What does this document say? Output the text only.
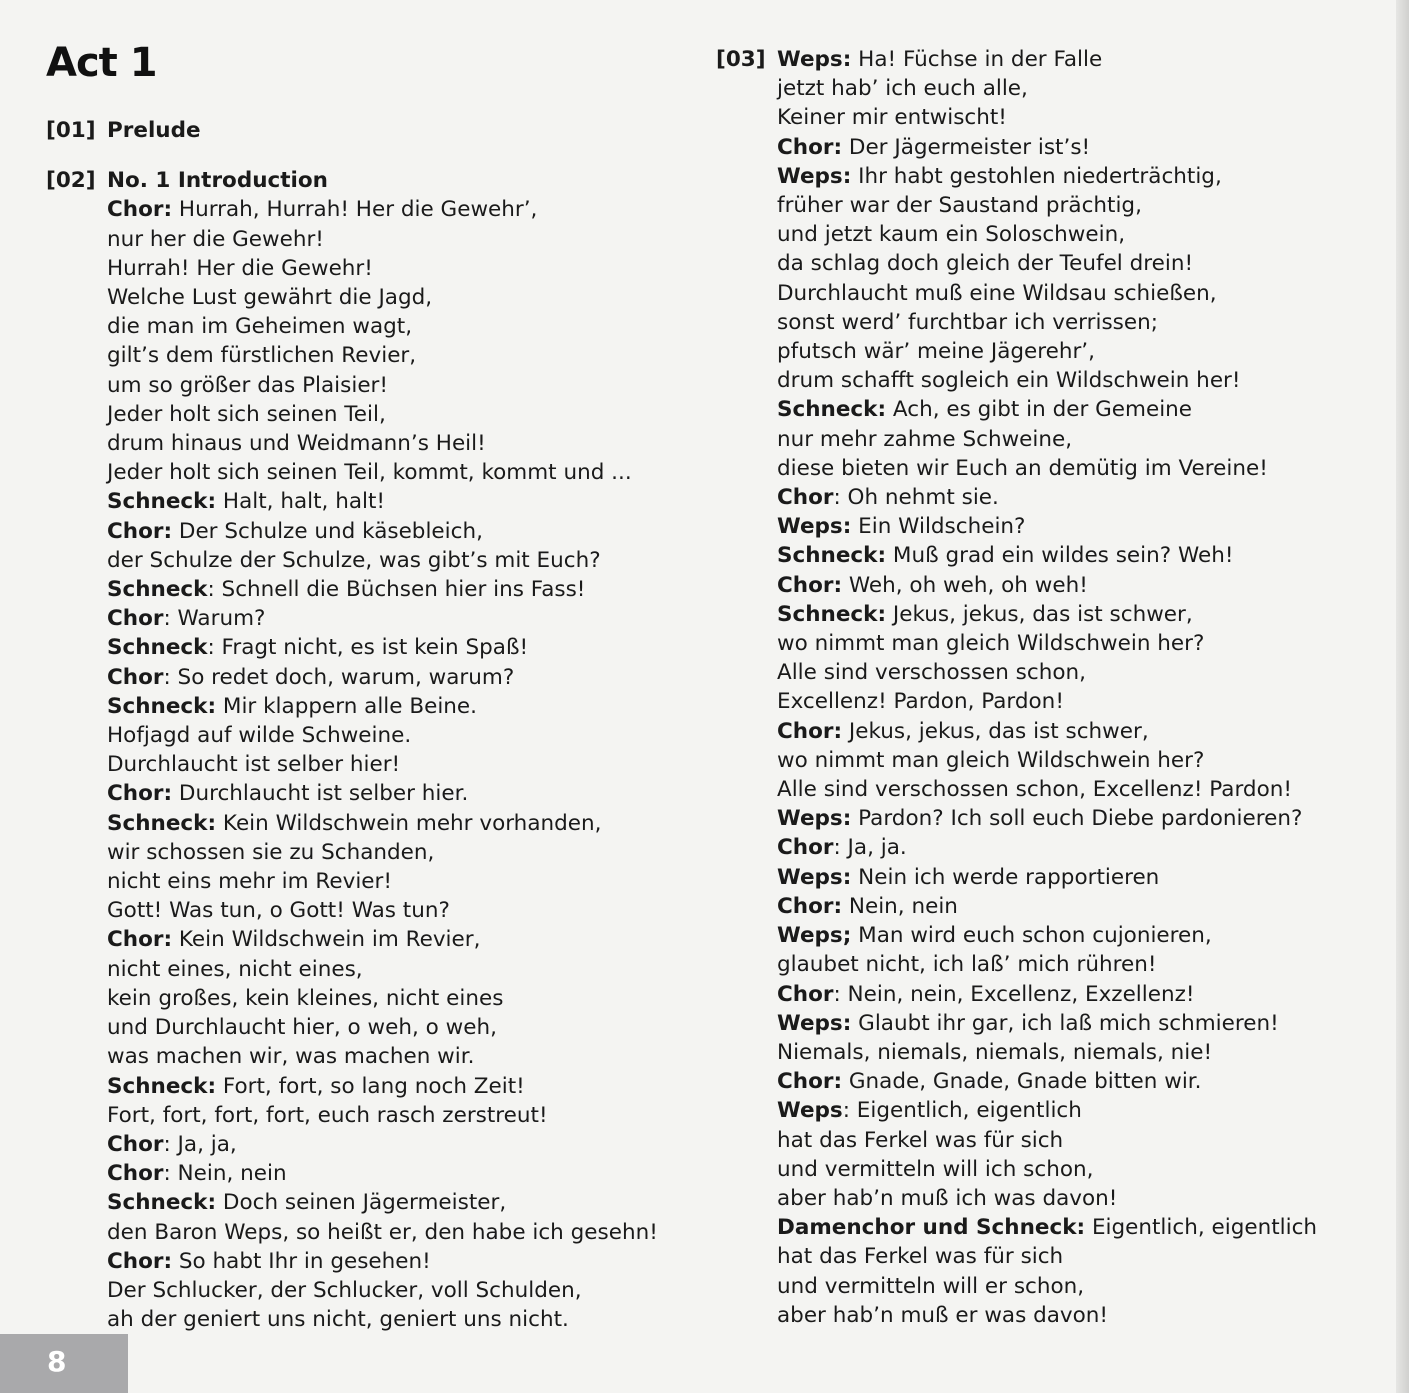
Act 1
[01] Prelude
[02] No. 1 Introduction
Chor: Hurrah, Hurrah! Her die Gewehr’,
nur her die Gewehr!
Hurrah! Her die Gewehr!
Welche Lust gewährt die Jagd,
die man im Geheimen wagt,
gilt’s dem fürstlichen Revier,
um so größer das Plaisier!
Jeder holt sich seinen Teil,
drum hinaus und Weidmann’s Heil!
Jeder holt sich seinen Teil, kommt, kommt und ...
Schneck: Halt, halt, halt!
Chor: Der Schulze und käsebleich,
der Schulze der Schulze, was gibt’s mit Euch?
Schneck: Schnell die Büchsen hier ins Fass!
Chor: Warum?
Schneck: Fragt nicht, es ist kein Spaß!
Chor: So redet doch, warum, warum?
Schneck: Mir klappern alle Beine.
Hofjagd auf wilde Schweine.
Durchlaucht ist selber hier!
Chor: Durchlaucht ist selber hier.
Schneck: Kein Wildschwein mehr vorhanden,
wir schossen sie zu Schanden,
nicht eins mehr im Revier!
Gott! Was tun, o Gott! Was tun?
Chor: Kein Wildschwein im Revier,
nicht eines, nicht eines,
kein großes, kein kleines, nicht eines
und Durchlaucht hier, o weh, o weh,
was machen wir, was machen wir.
Schneck: Fort, fort, so lang noch Zeit!
Fort, fort, fort, fort, euch rasch zerstreut!
Chor: Ja, ja,
Chor: Nein, nein
Schneck: Doch seinen Jägermeister,
den Baron Weps, so heißt er, den habe ich gesehn!
Chor: So habt Ihr in gesehen!
Der Schlucker, der Schlucker, voll Schulden,
ah der geniert uns nicht, geniert uns nicht.
[03] Weps: Ha! Füchse in der Falle
jetzt hab’ ich euch alle,
Keiner mir entwischt!
Chor: Der Jägermeister ist’s!
Weps: Ihr habt gestohlen niederträchtig,
früher war der Saustand prächtig,
und jetzt kaum ein Soloschwein,
da schlag doch gleich der Teufel drein!
Durchlaucht muß eine Wildsau schießen,
sonst werd’ furchtbar ich verrissen;
pfutsch wär’ meine Jägerehr’,
drum schafft sogleich ein Wildschwein her!
Schneck: Ach, es gibt in der Gemeine
nur mehr zahme Schweine,
diese bieten wir Euch an demütig im Vereine!
Chor: Oh nehmt sie.
Weps: Ein Wildschein?
Schneck: Muß grad ein wildes sein? Weh!
Chor: Weh, oh weh, oh weh!
Schneck: Jekus, jekus, das ist schwer,
wo nimmt man gleich Wildschwein her?
Alle sind verschossen schon,
Excellenz! Pardon, Pardon!
Chor: Jekus, jekus, das ist schwer,
wo nimmt man gleich Wildschwein her?
Alle sind verschossen schon, Excellenz! Pardon!
Weps: Pardon? Ich soll euch Diebe pardonieren?
Chor: Ja, ja.
Weps: Nein ich werde rapportieren
Chor: Nein, nein
Weps; Man wird euch schon cujonieren,
glaubet nicht, ich laß’ mich rühren!
Chor: Nein, nein, Excellenz, Exzellenz!
Weps: Glaubt ihr gar, ich laß mich schmieren!
Niemals, niemals, niemals, niemals, nie!
Chor: Gnade, Gnade, Gnade bitten wir.
Weps: Eigentlich, eigentlich
hat das Ferkel was für sich
und vermitteln will ich schon,
aber hab’n muß ich was davon!
Damenchor und Schneck: Eigentlich, eigentlich
hat das Ferkel was für sich
und vermitteln will er schon,
aber hab’n muß er was davon!
8
